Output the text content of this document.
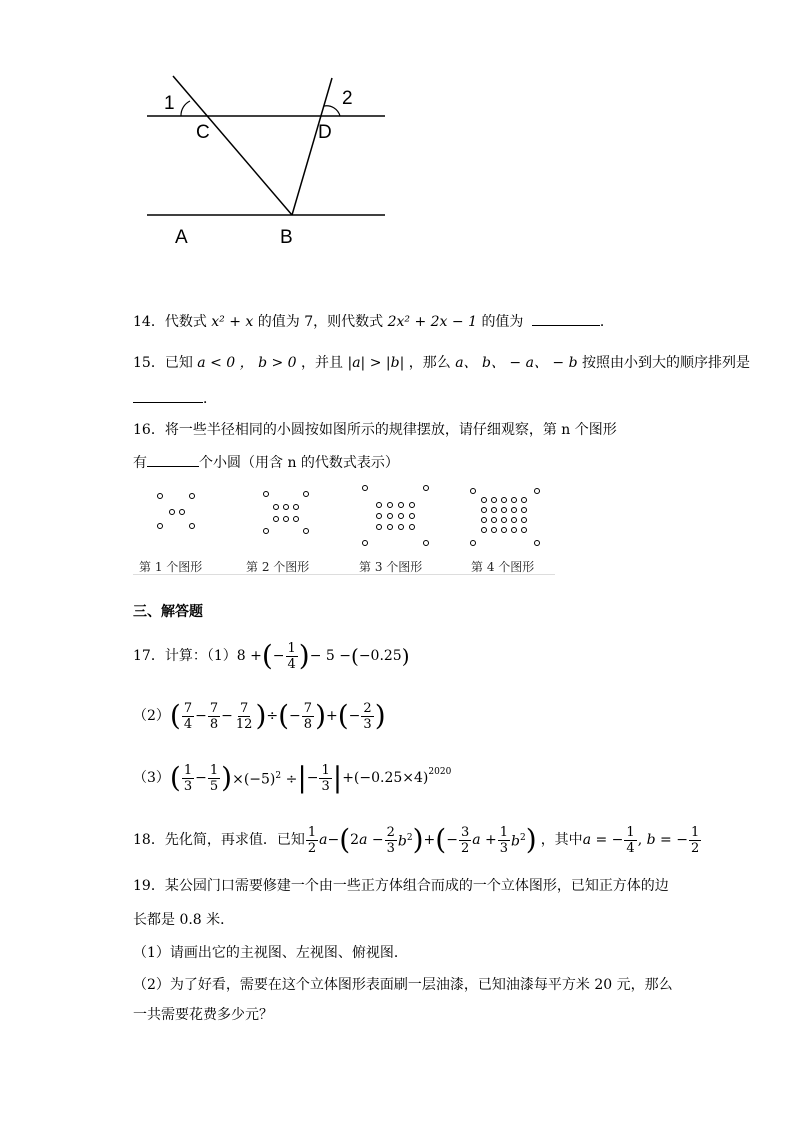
1	2
C	D
A	B
14．代数式 x² + x 的值为 7，则代数式 2x² + 2x − 1 的值为	．
15．已知 a < 0 ， b > 0 ，并且 |a| > |b| ，那么 a、 b、 − a、 − b 按照由小到大的顺序排列是
．
16．将一些半径相同的小圆按如图所示的规律摆放，请仔细观察，第 n 个图形
有	个小圆（用含 n 的代数式表示）
第 1 个图形	第 2 个图形	第 3 个图形	第 4 个图形
三、解答题
17．计算：（1） 8 + ( − $\frac{1}{4}$ ) − 5 − ( −0.25 )
（2） ( $\frac{7}{4} - \frac{7}{8} - \frac{7}{12}$ ) ÷ ( − $\frac{7}{8}$ ) + ( − $\frac{2}{3}$ )
（3） ( $\frac{1}{3} - \frac{1}{5}$ ) $\times(-5)^2$ ÷ | − $\frac{1}{3}$ | $+(-0.25\times 4)^{2020}$
18．先化简，再求值．已知 $\frac{1}{2}$ a − ( $2a - \frac{2}{3} b^2$ ) + ( − $\frac{3}{2}$ $a + \frac{1}{3} b^2$ ) ，其中 a = − $\frac{1}{4}$ , b = − $\frac{1}{2}$
19．某公园门口需要修建一个由一些正方体组合而成的一个立体图形，已知正方体的边
长都是 0.8 米．
（1）请画出它的主视图、左视图、俯视图．
（2）为了好看，需要在这个立体图形表面刷一层油漆，已知油漆每平方米 20 元，那么
一共需要花费多少元？
